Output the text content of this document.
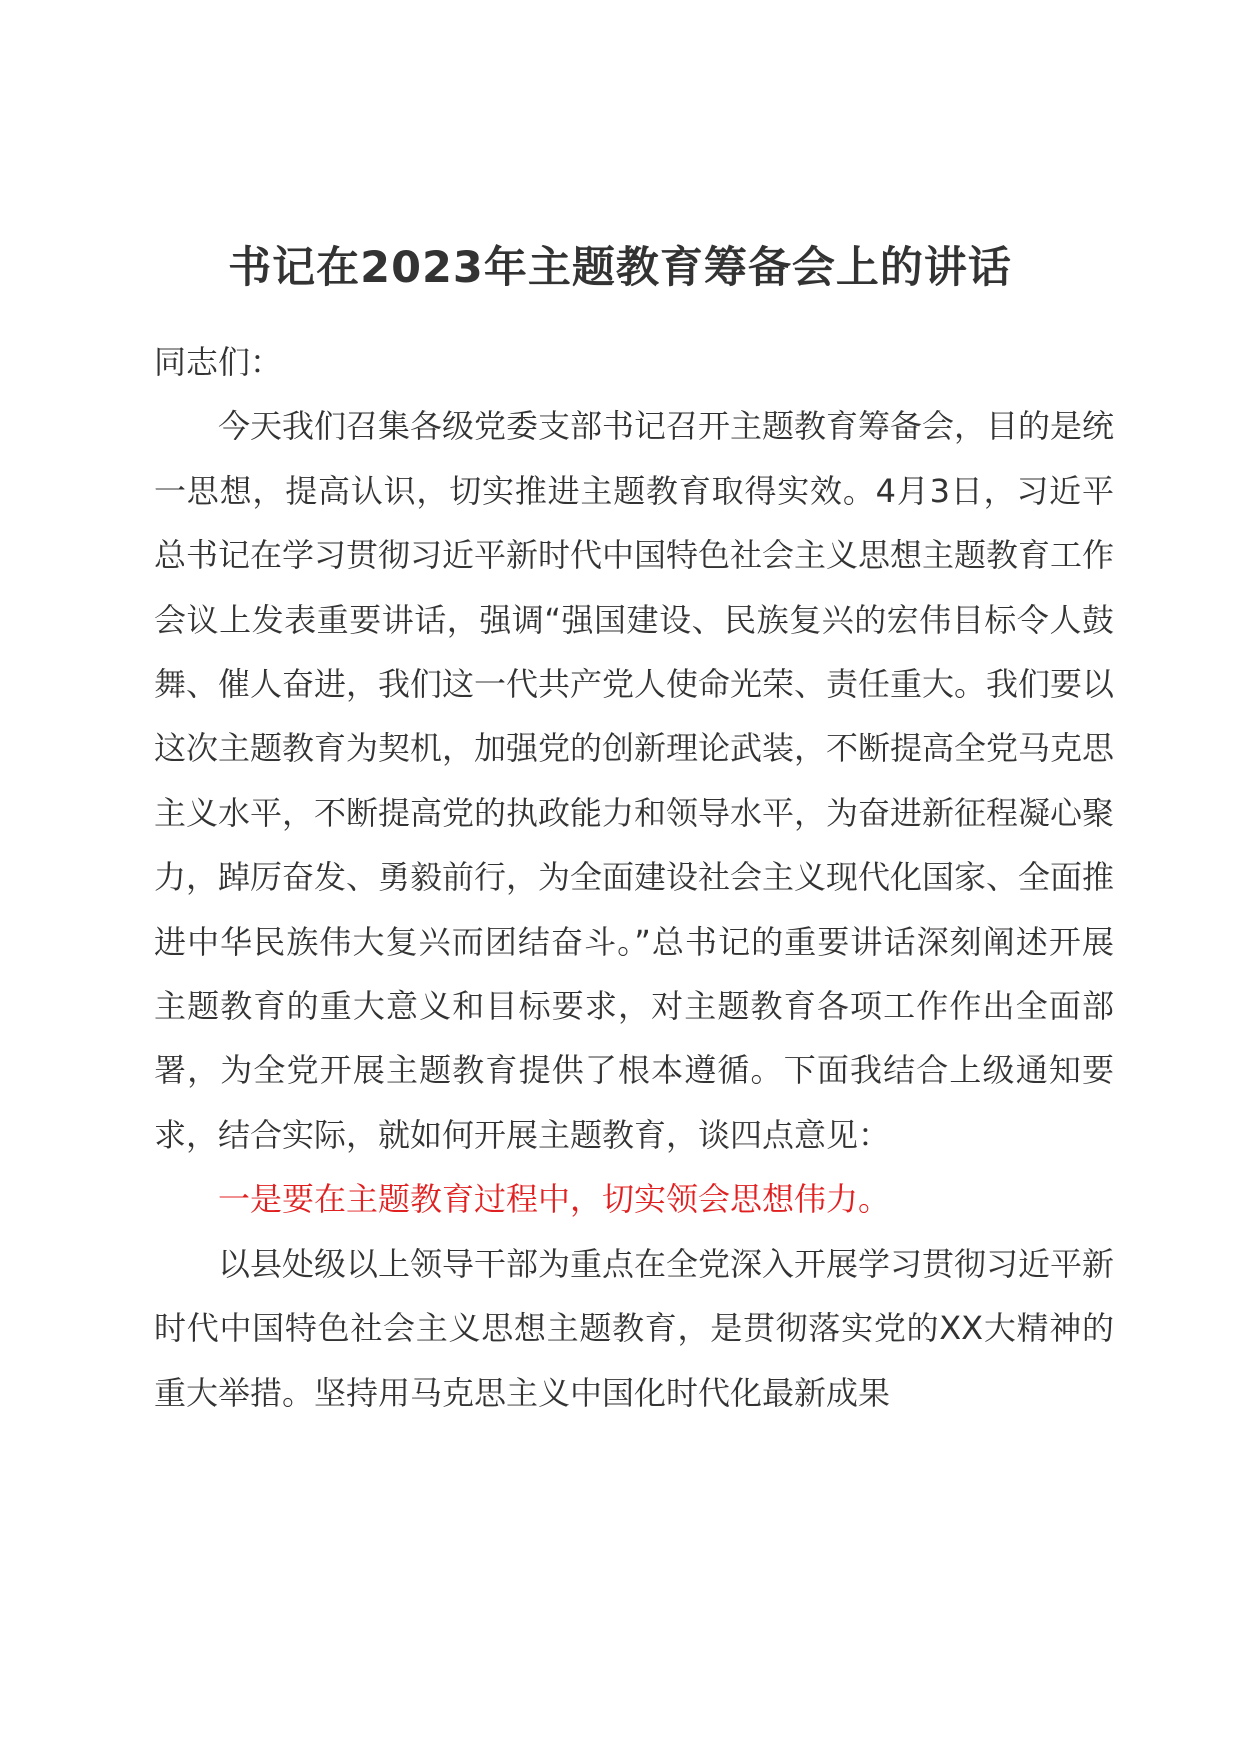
书记在2023年主题教育筹备会上的讲话

同志们：

今天我们召集各级党委支部书记召开主题教育筹备会，目的是统一思想，提高认识，切实推进主题教育取得实效。4月3日，习近平总书记在学习贯彻习近平新时代中国特色社会主义思想主题教育工作会议上发表重要讲话，强调“强国建设、民族复兴的宏伟目标令人鼓舞、催人奋进，我们这一代共产党人使命光荣、责任重大。我们要以这次主题教育为契机，加强党的创新理论武装，不断提高全党马克思主义水平，不断提高党的执政能力和领导水平，为奋进新征程凝心聚力，踔厉奋发、勇毅前行，为全面建设社会主义现代化国家、全面推进中华民族伟大复兴而团结奋斗。”总书记的重要讲话深刻阐述开展主题教育的重大意义和目标要求，对主题教育各项工作作出全面部署，为全党开展主题教育提供了根本遵循。下面我结合上级通知要求，结合实际，就如何开展主题教育，谈四点意见：

一是要在主题教育过程中，切实领会思想伟力。

以县处级以上领导干部为重点在全党深入开展学习贯彻习近平新时代中国特色社会主义思想主题教育，是贯彻落实党的XX大精神的重大举措。坚持用马克思主义中国化时代化最新成果
